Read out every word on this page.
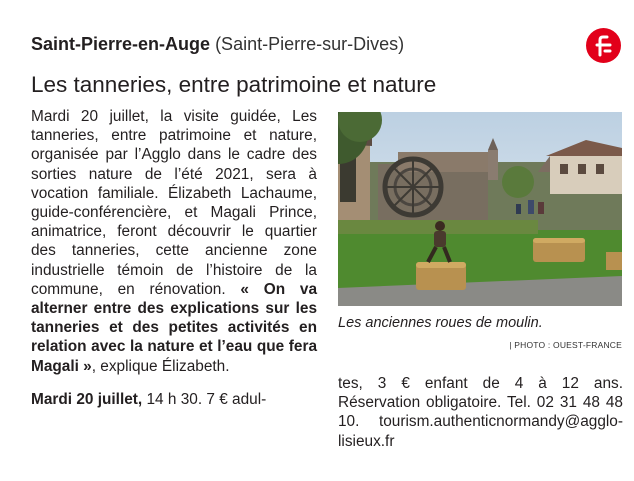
Saint-Pierre-en-Auge (Saint-Pierre-sur-Dives)
Les tanneries, entre patrimoine et nature

Mardi 20 juillet, la visite guidée, Les tanneries, entre patrimoine et nature, organisée par l’Agglo dans le cadre des sorties nature de l’été 2021, sera à vocation familiale. Élizabeth Lachaume, guide-conférencière, et Magali Prince, animatrice, feront découvrir le quartier des tanneries, cette ancienne zone industrielle témoin de l’histoire de la commune, en rénovation. « On va alterner entre des explications sur les tanneries et des petites activités en relation avec la nature et l’eau que fera Magali », explique Élizabeth.

Mardi 20 juillet, 14 h 30. 7 € adul-

Les anciennes roues de moulin.
| PHOTO : OUEST-FRANCE

tes, 3 € enfant de 4 à 12 ans. Réservation obligatoire. Tel. 02 31 48 48 10. tourism.authenticnormandy@agglo-lisieux.fr
